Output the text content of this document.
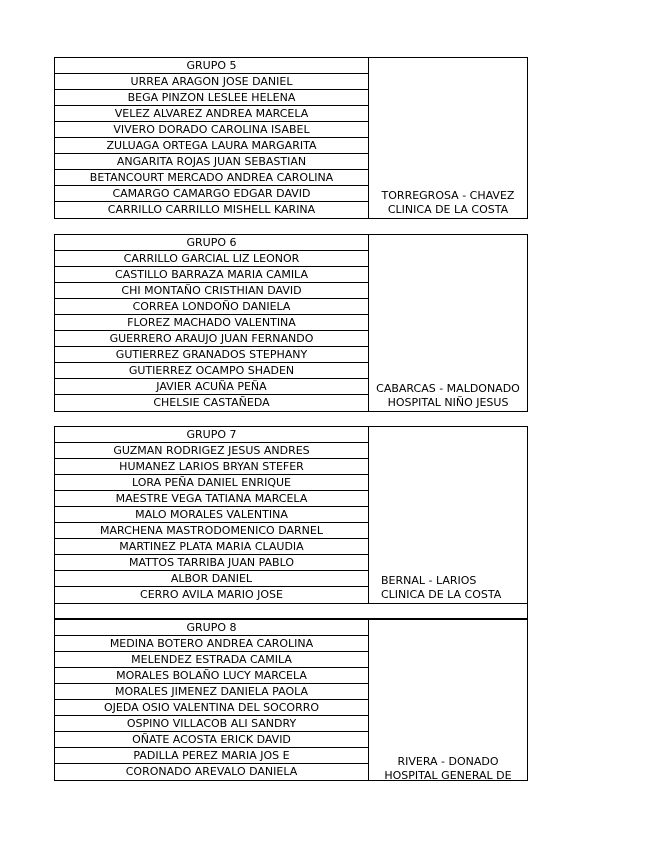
GRUPO 5
URREA ARAGON JOSE DANIEL
BEGA PINZON LESLEE HELENA
VELEZ ALVAREZ ANDREA MARCELA
VIVERO DORADO CAROLINA ISABEL
ZULUAGA ORTEGA LAURA MARGARITA
ANGARITA ROJAS JUAN SEBASTIAN
BETANCOURT MERCADO ANDREA CAROLINA
CAMARGO CAMARGO EDGAR DAVID
CARRILLO CARRILLO MISHELL KARINA
TORREGROSA - CHAVEZ
CLINICA DE LA COSTA
GRUPO 6
CARRILLO GARCIAL LIZ LEONOR
CASTILLO BARRAZA MARIA CAMILA
CHI MONTAÑO CRISTHIAN DAVID
CORREA LONDOÑO DANIELA
FLOREZ MACHADO VALENTINA
GUERRERO ARAUJO JUAN FERNANDO
GUTIERREZ GRANADOS STEPHANY
GUTIERREZ OCAMPO SHADEN
JAVIER ACUÑA PEÑA
CHELSIE CASTAÑEDA
CABARCAS - MALDONADO
HOSPITAL NIÑO JESUS
GRUPO 7
GUZMAN RODRIGEZ JESUS ANDRES
HUMANEZ LARIOS BRYAN STEFER
LORA PEÑA DANIEL ENRIQUE
MAESTRE VEGA TATIANA MARCELA
MALO MORALES VALENTINA
MARCHENA MASTRODOMENICO DARNEL
MARTINEZ PLATA MARIA CLAUDIA
MATTOS TARRIBA JUAN PABLO
ALBOR DANIEL
CERRO AVILA MARIO JOSE
BERNAL - LARIOS
CLINICA DE LA COSTA
GRUPO 8
MEDINA BOTERO ANDREA CAROLINA
MELENDEZ ESTRADA CAMILA
MORALES BOLAÑO LUCY MARCELA
MORALES JIMENEZ DANIELA PAOLA
OJEDA OSIO VALENTINA DEL SOCORRO
OSPINO VILLACOB ALI SANDRY
OÑATE ACOSTA ERICK DAVID
PADILLA PEREZ MARIA JOS E
CORONADO AREVALO DANIELA
RIVERA - DONADO
HOSPITAL GENERAL DE
